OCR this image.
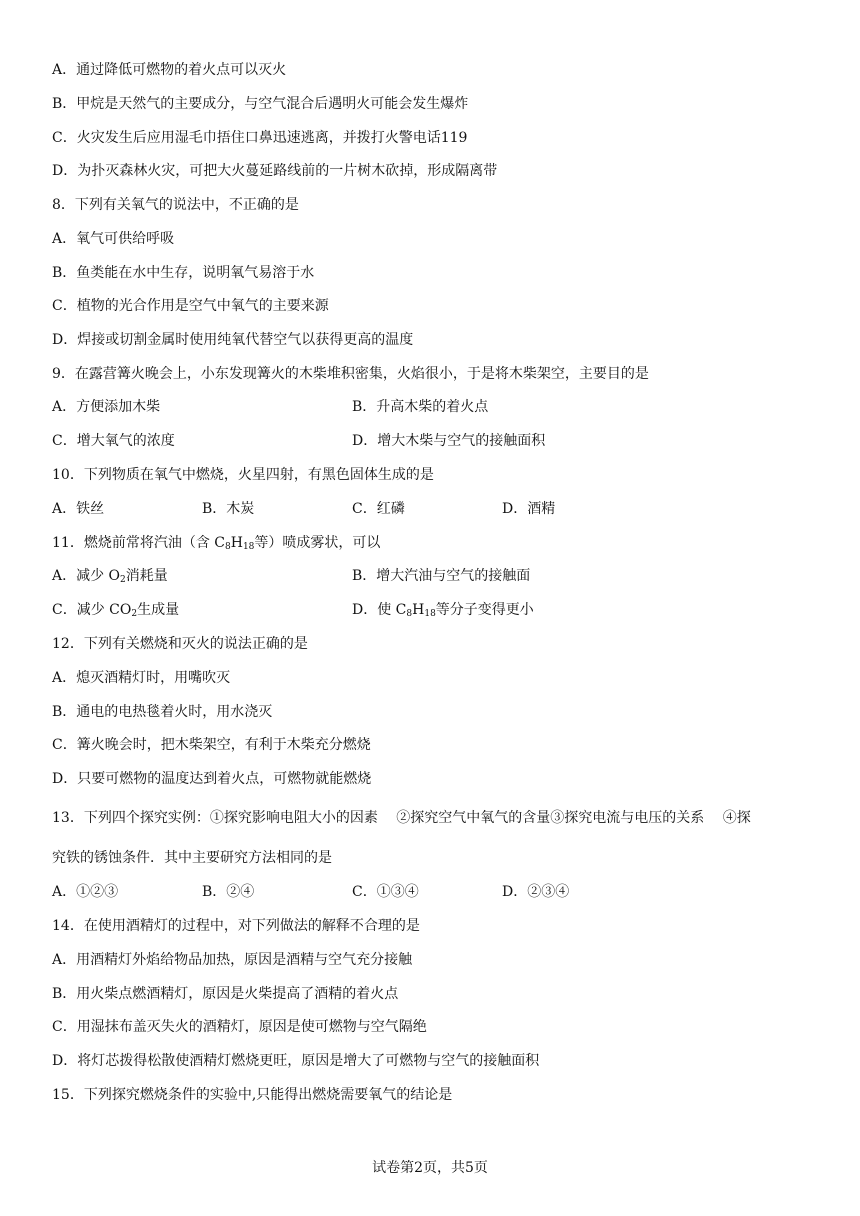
A．通过降低可燃物的着火点可以灭火
B．甲烷是天然气的主要成分，与空气混合后遇明火可能会发生爆炸
C．火灾发生后应用湿毛巾捂住口鼻迅速逃离，并拨打火警电话119
D．为扑灭森林火灾，可把大火蔓延路线前的一片树木砍掉，形成隔离带
8．下列有关氧气的说法中，不正确的是
A．氧气可供给呼吸
B．鱼类能在水中生存，说明氧气易溶于水
C．植物的光合作用是空气中氧气的主要来源
D．焊接或切割金属时使用纯氧代替空气以获得更高的温度
9．在露营篝火晚会上，小东发现篝火的木柴堆积密集，火焰很小，于是将木柴架空，主要目的是
A．方便添加木柴	B．升高木柴的着火点
C．增大氧气的浓度	D．增大木柴与空气的接触面积
10．下列物质在氧气中燃烧，火星四射，有黑色固体生成的是
A．铁丝	B．木炭	C．红磷	D．酒精
11．燃烧前常将汽油（含 $C_8H_{18}$等）喷成雾状，可以
A．减少 $O_2$消耗量	B．增大汽油与空气的接触面
C．减少 $CO_2$生成量	D．使 $C_8H_{18}$等分子变得更小
12．下列有关燃烧和灭火的说法正确的是
A．熄灭酒精灯时，用嘴吹灭
B．通电的电热毯着火时，用水浇灭
C．篝火晚会时，把木柴架空，有利于木柴充分燃烧
D．只要可燃物的温度达到着火点，可燃物就能燃烧
13．下列四个探究实例：①探究影响电阻大小的因素　 ②探究空气中氧气的含量③探究电流与电压的关系　 ④探
究铁的锈蚀条件．其中主要研究方法相同的是
A．①②③	B．②④	C．①③④	D．②③④
14．在使用酒精灯的过程中，对下列做法的解释不合理的是
A．用酒精灯外焰给物品加热，原因是酒精与空气充分接触
B．用火柴点燃酒精灯，原因是火柴提高了酒精的着火点
C．用湿抹布盖灭失火的酒精灯，原因是使可燃物与空气隔绝
D．将灯芯拨得松散使酒精灯燃烧更旺，原因是增大了可燃物与空气的接触面积
15．下列探究燃烧条件的实验中,只能得出燃烧需要氧气的结论是
试卷第2页，共5页
